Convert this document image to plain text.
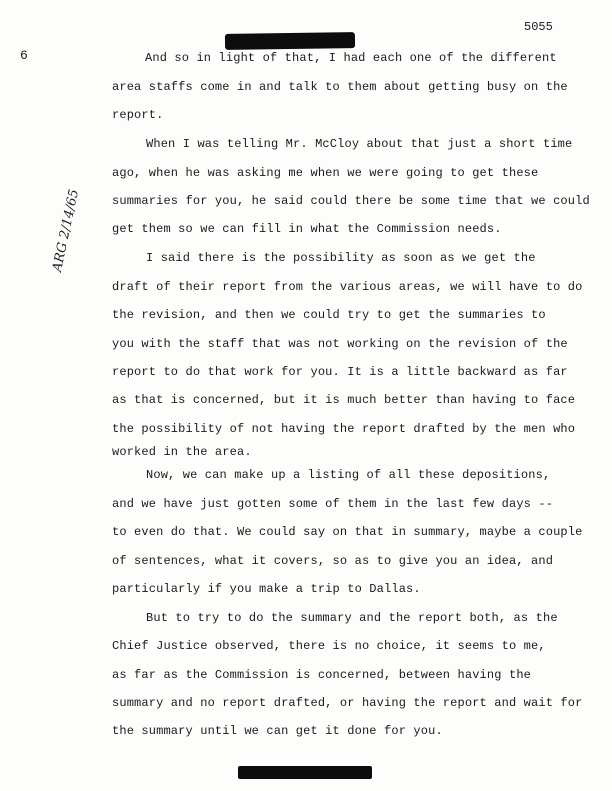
5055
6
ARG 2/14/65
And so in light of that, I had each one of the different
area staffs come in and talk to them about getting busy on the
report.
When I was telling Mr. McCloy about that just a short time
ago, when he was asking me when we were going to get these
summaries for you, he said could there be some time that we could
get them so we can fill in what the Commission needs.
I said there is the possibility as soon as we get the
draft of their report from the various areas, we will have to do
the revision, and then we could try to get the summaries to
you with the staff that was not working on the revision of the
report to do that work for you. It is a little backward as far
as that is concerned, but it is much better than having to face
the possibility of not having the report drafted by the men who
worked in the area.
Now, we can make up a listing of all these depositions,
and we have just gotten some of them in the last few days --
to even do that. We could say on that in summary, maybe a couple
of sentences, what it covers, so as to give you an idea, and
particularly if you make a trip to Dallas.
But to try to do the summary and the report both, as the
Chief Justice observed, there is no choice, it seems to me,
as far as the Commission is concerned, between having the
summary and no report drafted, or having the report and wait for
the summary until we can get it done for you.
